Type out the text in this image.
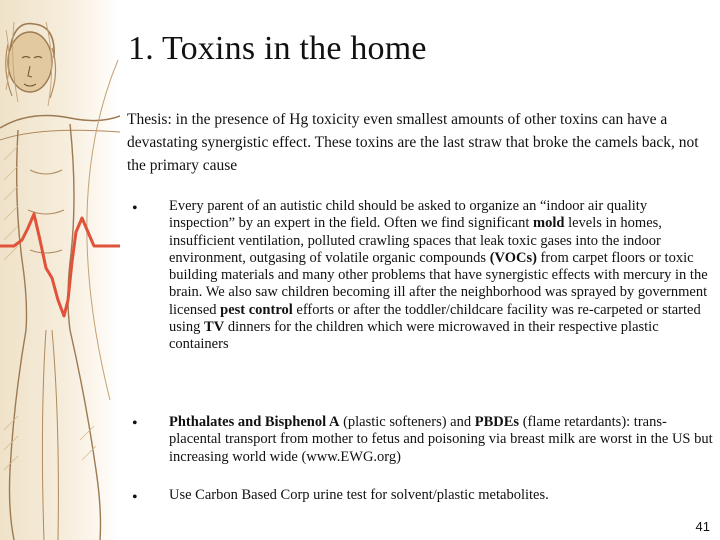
1. Toxins in the home

Thesis: in the presence of Hg toxicity even smallest amounts of other toxins can have a devastating synergistic effect. These toxins are the last straw that broke the camels back, not the primary cause

• Every parent of an autistic child should be asked to organize an “indoor air quality inspection” by an expert in the field. Often we find significant mold levels in homes, insufficient ventilation, polluted crawling spaces that leak toxic gases into the indoor environment, outgasing of volatile organic compounds (VOCs) from carpet floors or toxic building materials and many other problems that have synergistic effects with mercury in the brain. We also saw children becoming ill after the neighborhood was sprayed by government licensed pest control efforts or after the toddler/childcare facility was re-carpeted or started using TV dinners for the children which were microwaved in their respective plastic containers

• Phthalates and Bisphenol A (plastic softeners) and PBDEs (flame retardants): trans-placental transport from mother to fetus and poisoning via breast milk are worst in the US but increasing world wide (www.EWG.org)

• Use Carbon Based Corp urine test for solvent/plastic metabolites.

41
